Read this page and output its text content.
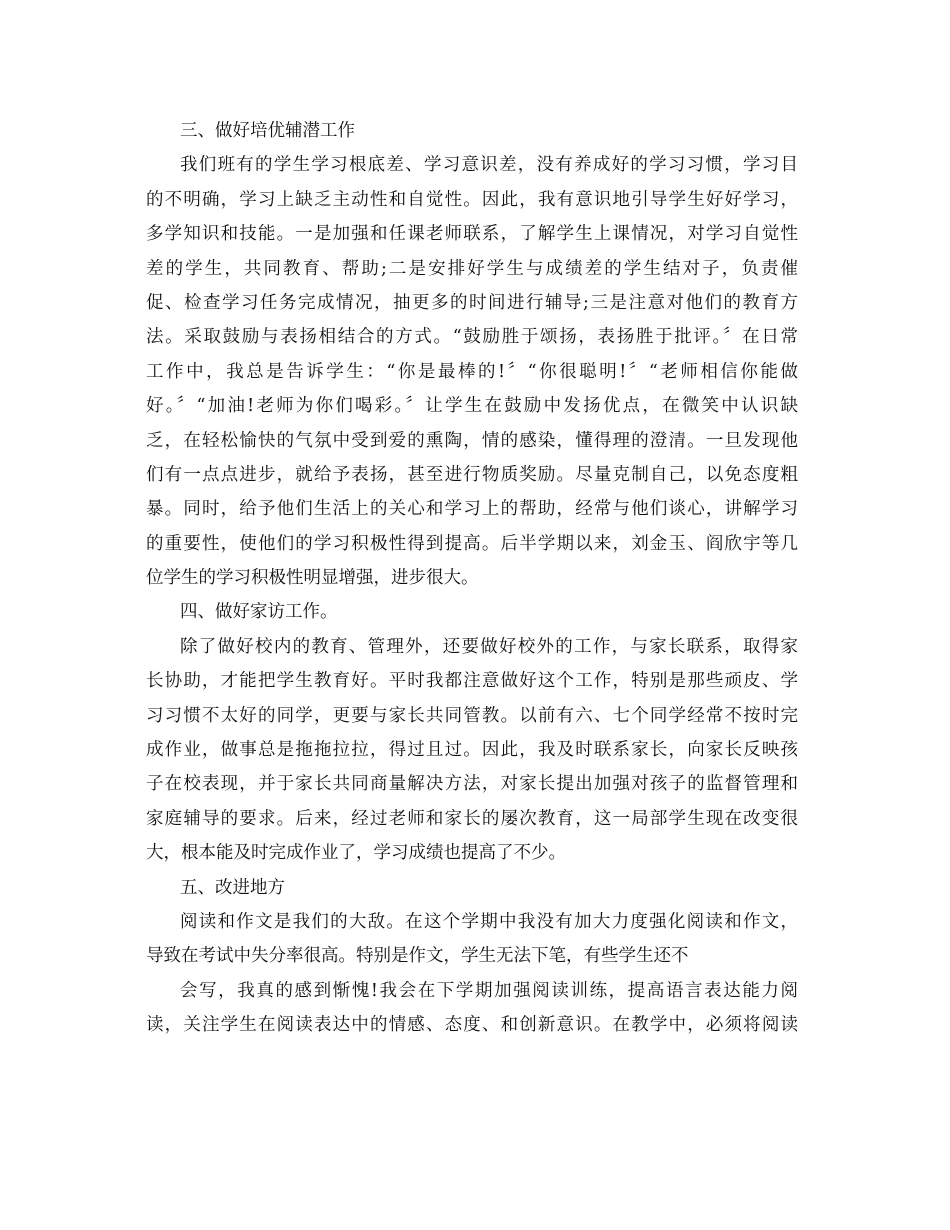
三、做好培优辅潜工作
我们班有的学生学习根底差、学习意识差，没有养成好的学习习惯，学习目
的不明确，学习上缺乏主动性和自觉性。因此，我有意识地引导学生好好学习，
多学知识和技能。一是加强和任课老师联系，了解学生上课情况，对学习自觉性
差的学生，共同教育、帮助;二是安排好学生与成绩差的学生结对子，负责催
促、检查学习任务完成情况，抽更多的时间进行辅导;三是注意对他们的教育方
法。采取鼓励与表扬相结合的方式。“鼓励胜于颂扬，表扬胜于批评。〞在日常
工作中，我总是告诉学生：“你是最棒的!〞“你很聪明!〞“老师相信你能做
好。〞“加油!老师为你们喝彩。〞让学生在鼓励中发扬优点，在微笑中认识缺
乏，在轻松愉快的气氛中受到爱的熏陶，情的感染，懂得理的澄清。一旦发现他
们有一点点进步，就给予表扬，甚至进行物质奖励。尽量克制自己，以免态度粗
暴。同时，给予他们生活上的关心和学习上的帮助，经常与他们谈心，讲解学习
的重要性，使他们的学习积极性得到提高。后半学期以来，刘金玉、阎欣宇等几
位学生的学习积极性明显增强，进步很大。
四、做好家访工作。
除了做好校内的教育、管理外，还要做好校外的工作，与家长联系，取得家
长协助，才能把学生教育好。平时我都注意做好这个工作，特别是那些顽皮、学
习习惯不太好的同学，更要与家长共同管教。以前有六、七个同学经常不按时完
成作业，做事总是拖拖拉拉，得过且过。因此，我及时联系家长，向家长反映孩
子在校表现，并于家长共同商量解决方法，对家长提出加强对孩子的监督管理和
家庭辅导的要求。后来，经过老师和家长的屡次教育，这一局部学生现在改变很
大，根本能及时完成作业了，学习成绩也提高了不少。
五、改进地方
阅读和作文是我们的大敌。在这个学期中我没有加大力度强化阅读和作文，
导致在考试中失分率很高。特别是作文，学生无法下笔，有些学生还不
会写，我真的感到惭愧!我会在下学期加强阅读训练，提高语言表达能力阅
读，关注学生在阅读表达中的情感、态度、和创新意识。在教学中，必须将阅读
